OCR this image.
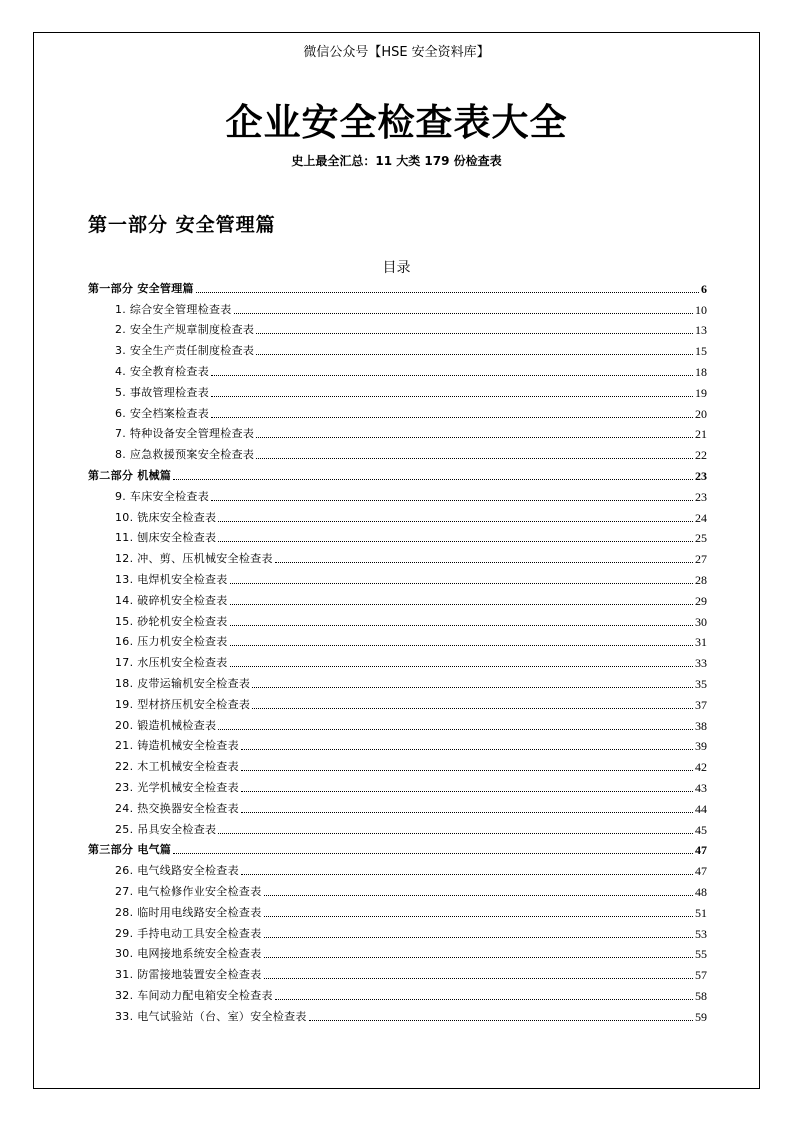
微信公众号【HSE 安全资料库】
企业安全检查表大全
史上最全汇总：11 大类 179 份检查表
第一部分 安全管理篇
目录
第一部分 安全管理篇	6
1. 综合安全管理检查表	10
2. 安全生产规章制度检查表	13
3. 安全生产责任制度检查表	15
4. 安全教育检查表	18
5. 事故管理检查表	19
6. 安全档案检查表	20
7. 特种设备安全管理检查表	21
8. 应急救援预案安全检查表	22
第二部分 机械篇	23
9. 车床安全检查表	23
10. 铣床安全检查表	24
11. 刨床安全检查表	25
12. 冲、剪、压机械安全检查表	27
13. 电焊机安全检查表	28
14. 破碎机安全检查表	29
15. 砂轮机安全检查表	30
16. 压力机安全检查表	31
17. 水压机安全检查表	33
18. 皮带运输机安全检查表	35
19. 型材挤压机安全检查表	37
20. 锻造机械检查表	38
21. 铸造机械安全检查表	39
22. 木工机械安全检查表	42
23. 光学机械安全检查表	43
24. 热交换器安全检查表	44
25. 吊具安全检查表	45
第三部分 电气篇	47
26. 电气线路安全检查表	47
27. 电气检修作业安全检查表	48
28. 临时用电线路安全检查表	51
29. 手持电动工具安全检查表	53
30. 电网接地系统安全检查表	55
31. 防雷接地装置安全检查表	57
32. 车间动力配电箱安全检查表	58
33. 电气试验站（台、室）安全检查表	59
